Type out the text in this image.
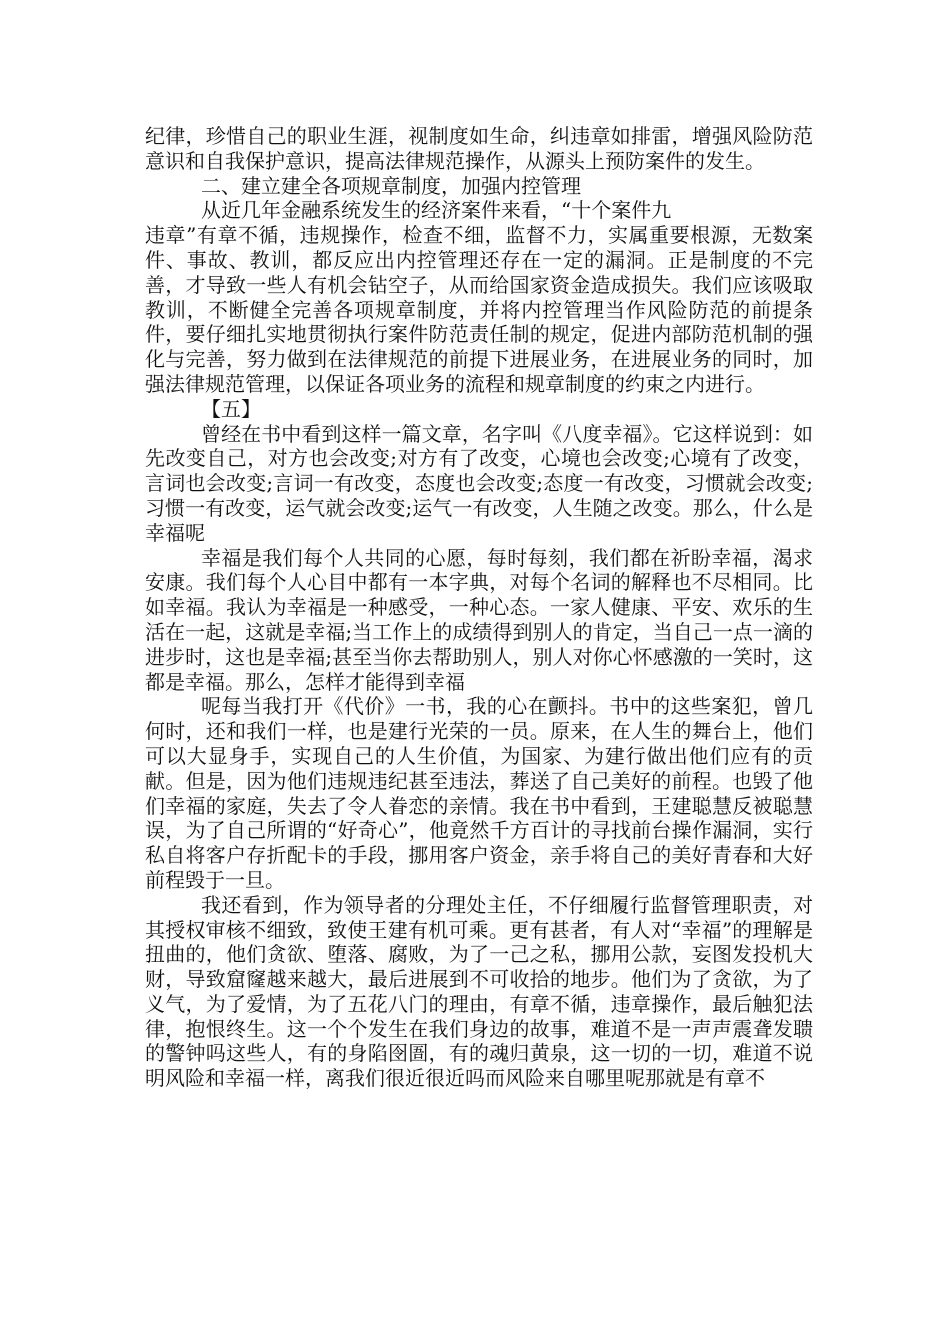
纪律，珍惜自己的职业生涯，视制度如生命，纠违章如排雷，增强风险防范意识和自我保护意识，提高法律规范操作，从源头上预防案件的发生。

二、建立建全各项规章制度，加强内控管理

从近几年金融系统发生的经济案件来看，“十个案件九

违章”有章不循，违规操作，检查不细，监督不力，实属重要根源，无数案件、事故、教训，都反应出内控管理还存在一定的漏洞。正是制度的不完善，才导致一些人有机会钻空子，从而给国家资金造成损失。我们应该吸取教训，不断健全完善各项规章制度，并将内控管理当作风险防范的前提条件，要仔细扎实地贯彻执行案件防范责任制的规定，促进内部防范机制的强化与完善，努力做到在法律规范的前提下进展业务，在进展业务的同时，加强法律规范管理，以保证各项业务的流程和规章制度的约束之内进行。

【五】

曾经在书中看到这样一篇文章，名字叫《八度幸福》。它这样说到：如先改变自己，对方也会改变;对方有了改变，心境也会改变;心境有了改变，言词也会改变;言词一有改变，态度也会改变;态度一有改变，习惯就会改变;习惯一有改变，运气就会改变;运气一有改变，人生随之改变。那么，什么是幸福呢

幸福是我们每个人共同的心愿，每时每刻，我们都在祈盼幸福，渴求安康。我们每个人心目中都有一本字典，对每个名词的解释也不尽相同。比如幸福。我认为幸福是一种感受，一种心态。一家人健康、平安、欢乐的生活在一起，这就是幸福;当工作上的成绩得到别人的肯定，当自己一点一滴的进步时，这也是幸福;甚至当你去帮助别人，别人对你心怀感激的一笑时，这都是幸福。那么，怎样才能得到幸福

呢每当我打开《代价》一书，我的心在颤抖。书中的这些案犯，曾几何时，还和我们一样，也是建行光荣的一员。原来，在人生的舞台上，他们可以大显身手，实现自己的人生价值，为国家、为建行做出他们应有的贡献。但是，因为他们违规违纪甚至违法，葬送了自己美好的前程。也毁了他们幸福的家庭，失去了令人眷恋的亲情。我在书中看到，王建聪慧反被聪慧误，为了自己所谓的“好奇心”，他竟然千方百计的寻找前台操作漏洞，实行私自将客户存折配卡的手段，挪用客户资金，亲手将自己的美好青春和大好前程毁于一旦。

我还看到，作为领导者的分理处主任，不仔细履行监督管理职责，对其授权审核不细致，致使王建有机可乘。更有甚者，有人对“幸福”的理解是扭曲的，他们贪欲、堕落、腐败，为了一己之私，挪用公款，妄图发投机大财，导致窟窿越来越大，最后进展到不可收拾的地步。他们为了贪欲，为了义气，为了爱情，为了五花八门的理由，有章不循，违章操作，最后触犯法律，抱恨终生。这一个个发生在我们身边的故事，难道不是一声声震聋发聩的警钟吗这些人，有的身陷囹圄，有的魂归黄泉，这一切的一切，难道不说明风险和幸福一样，离我们很近很近吗而风险来自哪里呢那就是有章不
